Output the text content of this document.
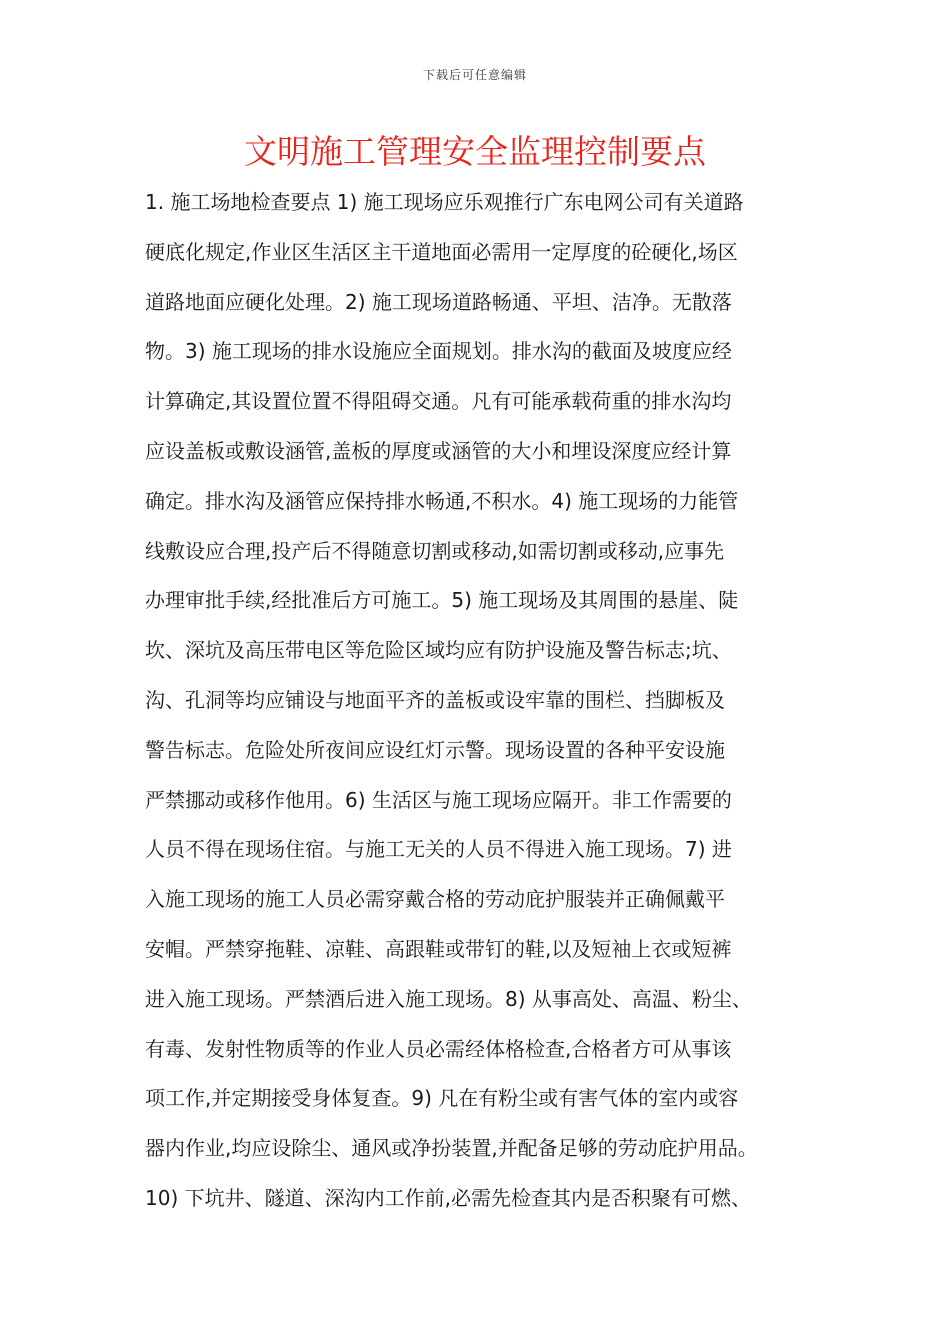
下载后可任意编辑
文明施工管理安全监理控制要点
1. 施工场地检查要点 1) 施工现场应乐观推行广东电网公司有关道路
硬底化规定,作业区生活区主干道地面必需用一定厚度的砼硬化,场区
道路地面应硬化处理。2) 施工现场道路畅通、平坦、洁净。无散落
物。3) 施工现场的排水设施应全面规划。排水沟的截面及坡度应经
计算确定,其设置位置不得阻碍交通。凡有可能承载荷重的排水沟均
应设盖板或敷设涵管,盖板的厚度或涵管的大小和埋设深度应经计算
确定。排水沟及涵管应保持排水畅通,不积水。4) 施工现场的力能管
线敷设应合理,投产后不得随意切割或移动,如需切割或移动,应事先
办理审批手续,经批准后方可施工。5) 施工现场及其周围的悬崖、陡
坎、深坑及高压带电区等危险区域均应有防护设施及警告标志;坑、
沟、孔洞等均应铺设与地面平齐的盖板或设牢靠的围栏、挡脚板及
警告标志。危险处所夜间应设红灯示警。现场设置的各种平安设施
严禁挪动或移作他用。6) 生活区与施工现场应隔开。非工作需要的
人员不得在现场住宿。与施工无关的人员不得进入施工现场。7) 进
入施工现场的施工人员必需穿戴合格的劳动庇护服装并正确佩戴平
安帽。严禁穿拖鞋、凉鞋、高跟鞋或带钉的鞋,以及短袖上衣或短裤
进入施工现场。严禁酒后进入施工现场。8) 从事高处、高温、粉尘、
有毒、发射性物质等的作业人员必需经体格检查,合格者方可从事该
项工作,并定期接受身体复查。9) 凡在有粉尘或有害气体的室内或容
器内作业,均应设除尘、通风或净扮装置,并配备足够的劳动庇护用品。
10) 下坑井、隧道、深沟内工作前,必需先检查其内是否积聚有可燃、
